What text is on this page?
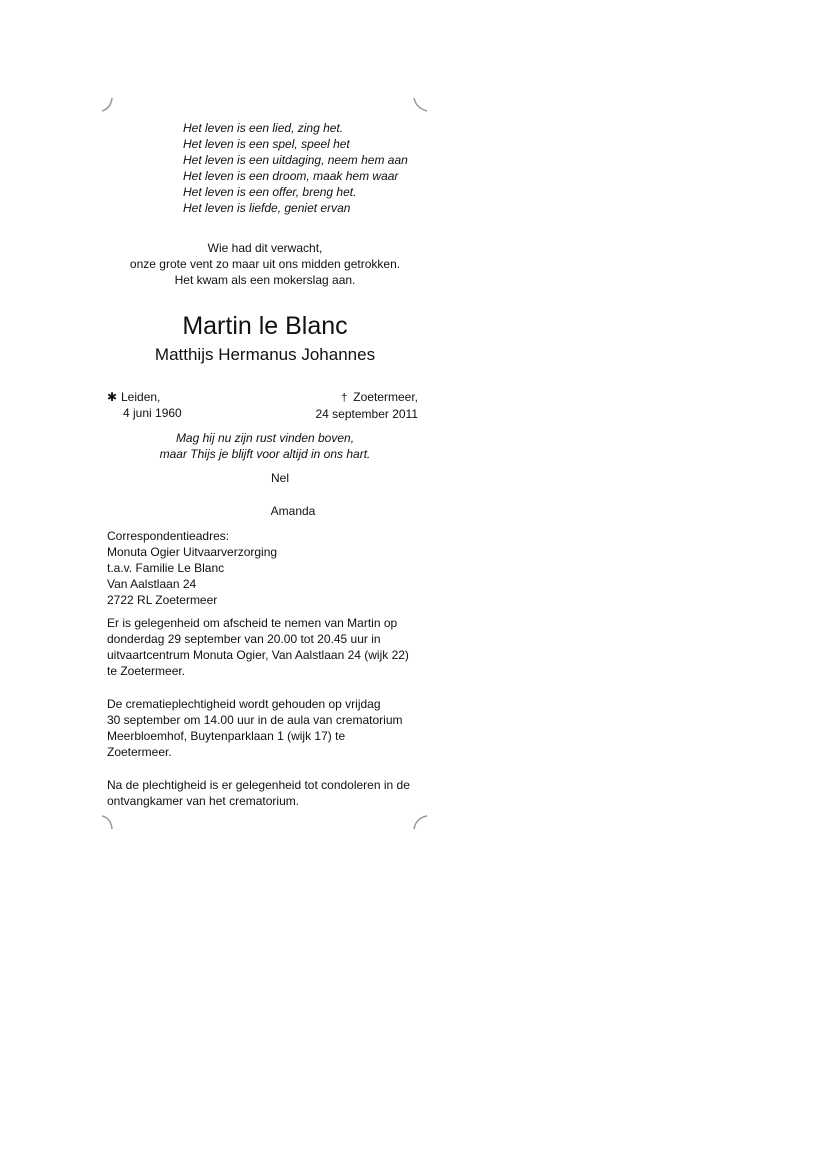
Het leven is een lied, zing het.
Het leven is een spel, speel het
Het leven is een uitdaging, neem hem aan
Het leven is een droom, maak hem waar
Het leven is een offer, breng het.
Het leven is liefde, geniet ervan
Wie had dit verwacht,
onze grote vent zo maar uit ons midden getrokken.
Het kwam als een mokerslag aan.
Martin le Blanc
Matthijs Hermanus Johannes
✱ Leiden,
4 juni 1960
† Zoetermeer,
24 september 2011
Mag hij nu zijn rust vinden boven,
maar Thijs je blijft voor altijd in ons hart.
Nel
Amanda
Correspondentieadres:
Monuta Ogier Uitvaarverzorging
t.a.v. Familie Le Blanc
Van Aalstlaan 24
2722 RL Zoetermeer
Er is gelegenheid om afscheid te nemen van Martin op
donderdag 29 september van 20.00 tot 20.45 uur in
uitvaartcentrum Monuta Ogier, Van Aalstlaan 24 (wijk 22)
te Zoetermeer.
De crematieplechtigheid wordt gehouden op vrijdag
30 september om 14.00 uur in de aula van crematorium
Meerbloemhof, Buytenparklaan 1 (wijk 17) te
Zoetermeer.
Na de plechtigheid is er gelegenheid tot condoleren in de
ontvangkamer van het crematorium.
